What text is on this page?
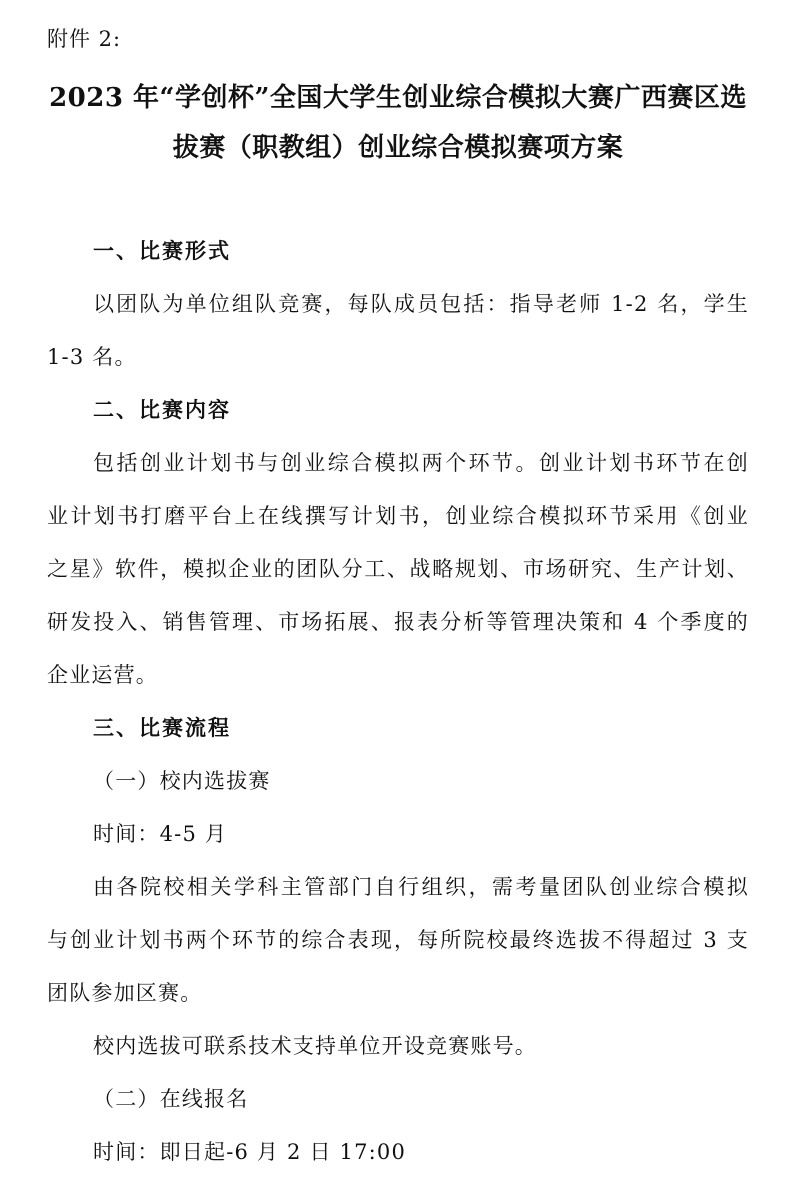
附件 2:
2023 年“学创杯”全国大学生创业综合模拟大赛广西赛区选
拔赛（职教组）创业综合模拟赛项方案
一、比赛形式
以团队为单位组队竞赛，每队成员包括：指导老师 1-2 名，学生
1-3 名。
二、比赛内容
包括创业计划书与创业综合模拟两个环节。创业计划书环节在创
业计划书打磨平台上在线撰写计划书，创业综合模拟环节采用《创业
之星》软件，模拟企业的团队分工、战略规划、市场研究、生产计划、
研发投入、销售管理、市场拓展、报表分析等管理决策和 4 个季度的
企业运营。
三、比赛流程
（一）校内选拔赛
时间：4-5 月
由各院校相关学科主管部门自行组织，需考量团队创业综合模拟
与创业计划书两个环节的综合表现，每所院校最终选拔不得超过 3 支
团队参加区赛。
校内选拔可联系技术支持单位开设竞赛账号。
（二）在线报名
时间：即日起-6 月 2 日 17:00
